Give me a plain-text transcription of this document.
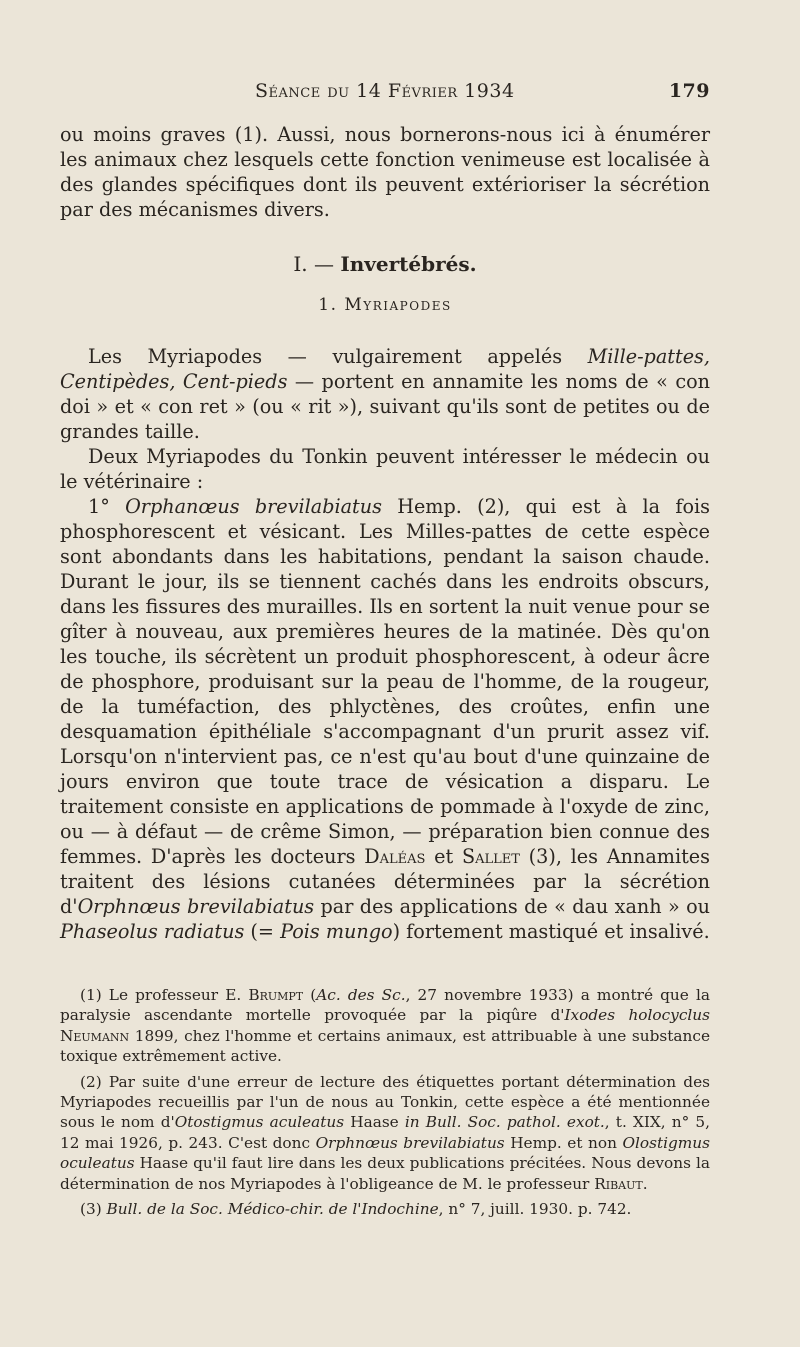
Séance du 14 Février 1934	179

ou moins graves (1). Aussi, nous bornerons-nous ici à énumérer les animaux chez lesquels cette fonction venimeuse est localisée à des glandes spécifiques dont ils peuvent extérioriser la sécrétion par des mécanismes divers.

I. — Invertébrés.

1. Myriapodes

Les Myriapodes — vulgairement appelés Mille-pattes, Centipèdes, Cent-pieds — portent en annamite les noms de « con doi » et « con ret » (ou « rit »), suivant qu'ils sont de petites ou de grandes taille.

Deux Myriapodes du Tonkin peuvent intéresser le médecin ou le vétérinaire :

1° Orphanœus brevilabiatus Hemp. (2), qui est à la fois phosphorescent et vésicant. Les Milles-pattes de cette espèce sont abondants dans les habitations, pendant la saison chaude. Durant le jour, ils se tiennent cachés dans les endroits obscurs, dans les fissures des murailles. Ils en sortent la nuit venue pour se gîter à nouveau, aux premières heures de la matinée. Dès qu'on les touche, ils sécrètent un produit phosphorescent, à odeur âcre de phosphore, produisant sur la peau de l'homme, de la rougeur, de la tuméfaction, des phlyctènes, des croûtes, enfin une desquamation épithéliale s'accompagnant d'un prurit assez vif. Lorsqu'on n'intervient pas, ce n'est qu'au bout d'une quinzaine de jours environ que toute trace de vésication a disparu. Le traitement consiste en applications de pommade à l'oxyde de zinc, ou — à défaut — de crême Simon, — préparation bien connue des femmes. D'après les docteurs Daléas et Sallet (3), les Annamites traitent des lésions cutanées déterminées par la sécrétion d'Orphnœus brevilabiatus par des applications de « dau xanh » ou Phaseolus radiatus (= Pois mungo) fortement mastiqué et insalivé.

(1) Le professeur E. Brumpt (Ac. des Sc., 27 novembre 1933) a montré que la paralysie ascendante mortelle provoquée par la piqûre d'Ixodes holocyclus Neumann 1899, chez l'homme et certains animaux, est attribuable à une substance toxique extrêmement active.

(2) Par suite d'une erreur de lecture des étiquettes portant détermination des Myriapodes recueillis par l'un de nous au Tonkin, cette espèce a été mentionnée sous le nom d'Otostigmus aculeatus Haase in Bull. Soc. pathol. exot., t. XIX, n° 5, 12 mai 1926, p. 243. C'est donc Orphnœus brevilabiatus Hemp. et non Olostigmus oculeatus Haase qu'il faut lire dans les deux publications précitées. Nous devons la détermination de nos Myriapodes à l'obligeance de M. le professeur Ribaut.

(3) Bull. de la Soc. Médico-chir. de l'Indochine, n° 7, juill. 1930. p. 742.
